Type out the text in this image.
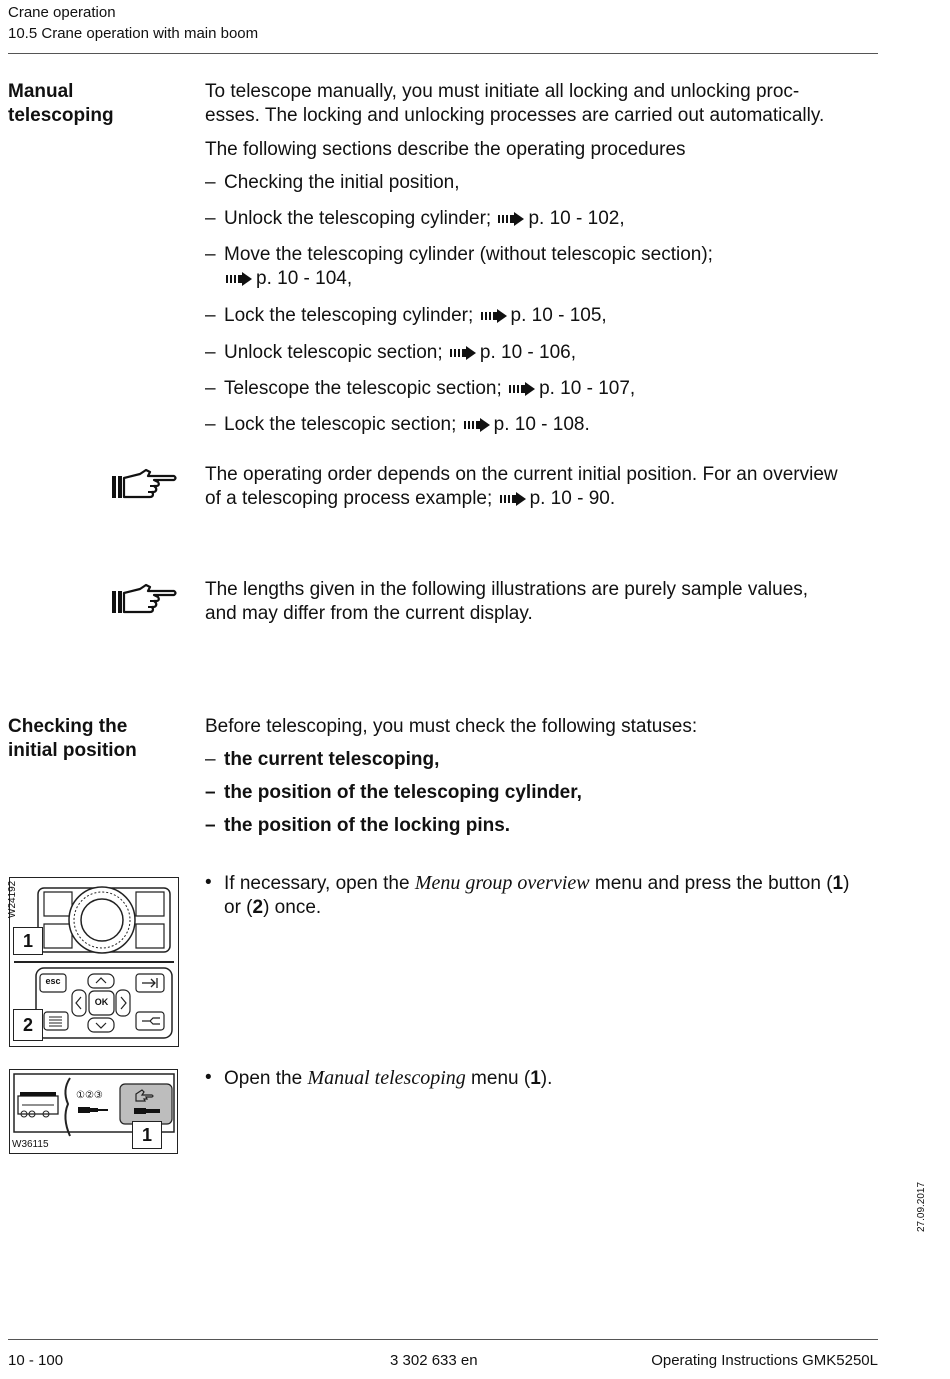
Crane operation
10.5 Crane operation with main boom
Manual
telescoping
To telescope manually, you must initiate all locking and unlocking proc-
esses. The locking and unlocking processes are carried out automatically.
The following sections describe the operating procedures
– Checking the initial position,
– Unlock the telescoping cylinder; p. 10 - 102,
– Move the telescoping cylinder (without telescopic section);
p. 10 - 104,
– Lock the telescoping cylinder; p. 10 - 105,
– Unlock telescopic section; p. 10 - 106,
– Telescope the telescopic section; p. 10 - 107,
– Lock the telescopic section; p. 10 - 108.
The operating order depends on the current initial position. For an overview
of a telescoping process example; p. 10 - 90.
The lengths given in the following illustrations are purely sample values,
and may differ from the current display.
Checking the
initial position
Before telescoping, you must check the following statuses:
– the current telescoping,
– the position of the telescoping cylinder,
– the position of the locking pins.
• If necessary, open the Menu group overview menu and press the button (1)
or (2) once.
W24192
1
2
esc
OK
• Open the Manual telescoping menu (1).
①②③
1
W36115
27.09.2017
10 - 100	3 302 633 en	Operating Instructions GMK5250L
